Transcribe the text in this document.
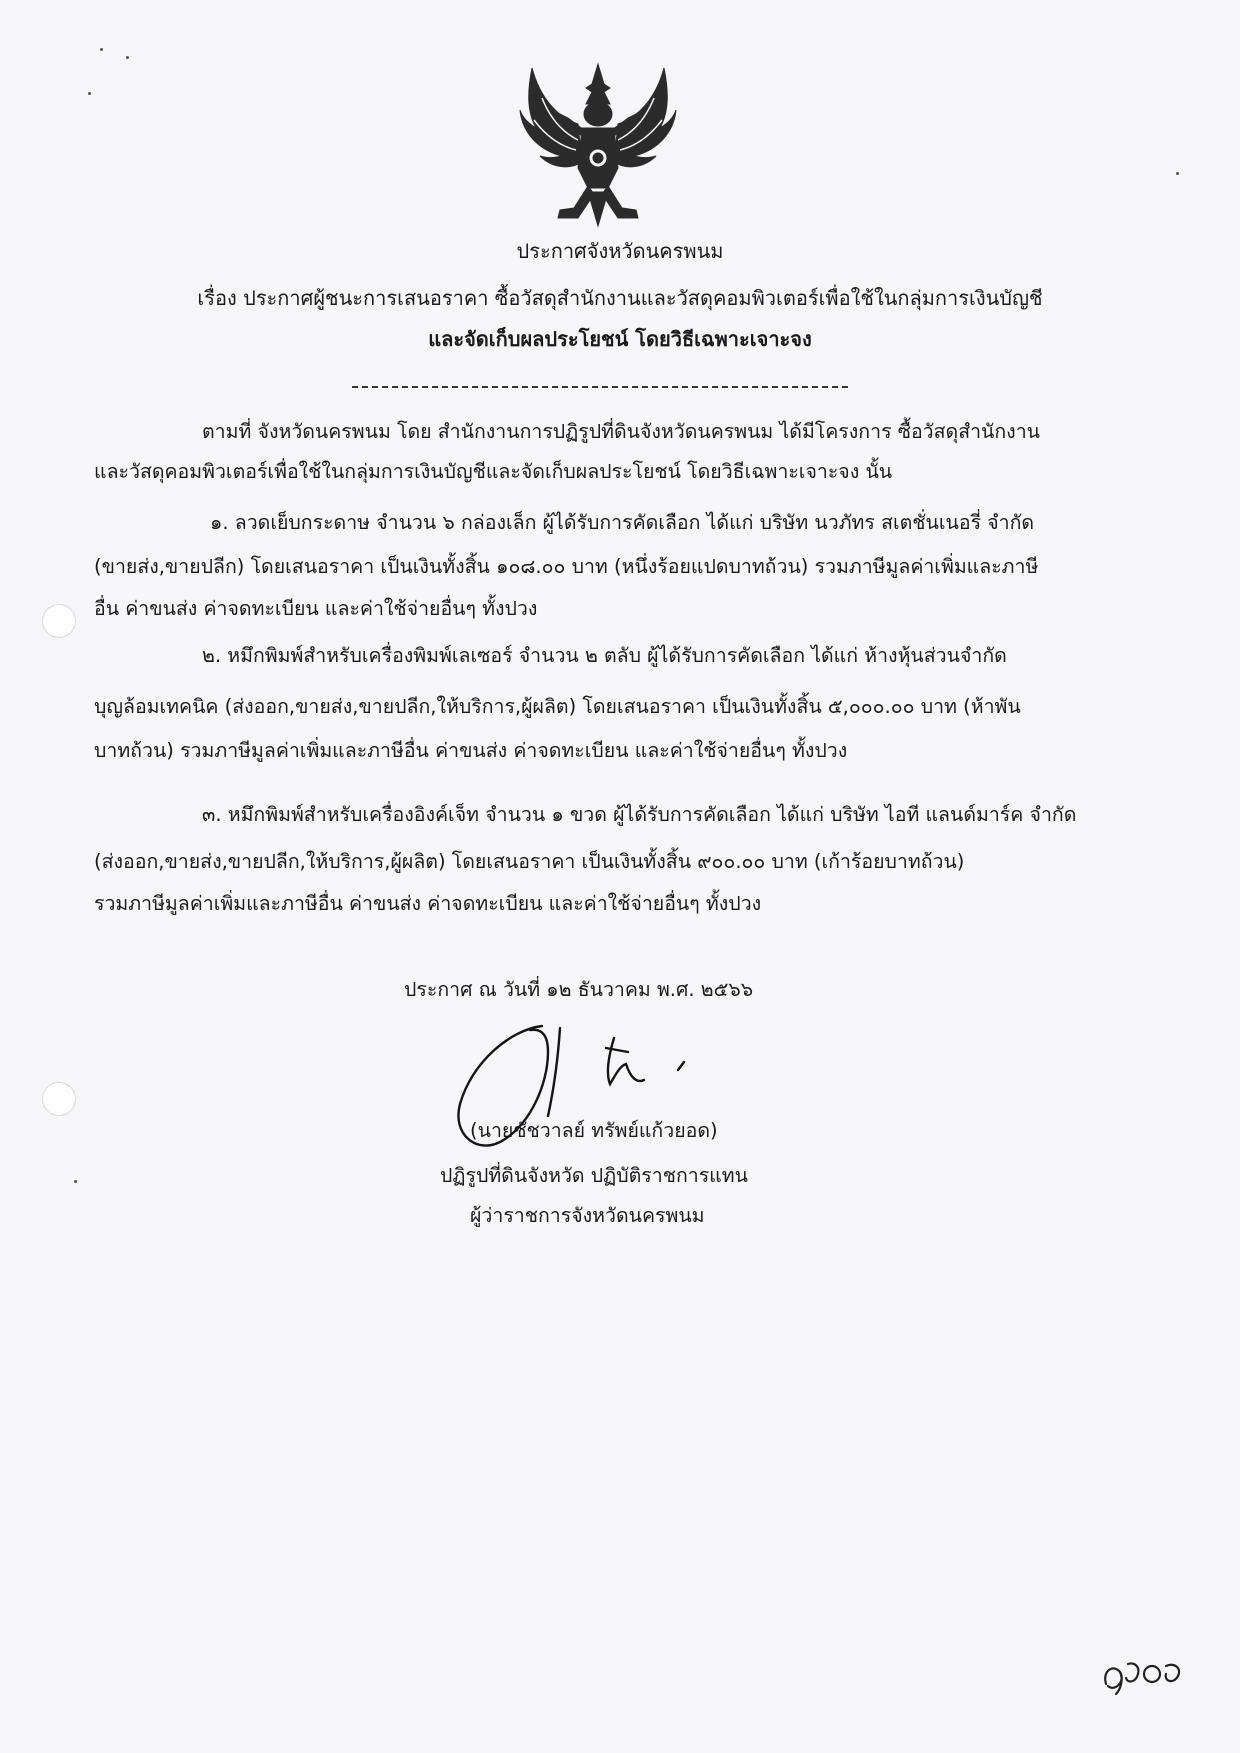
ประกาศจังหวัดนครพนม
เรื่อง ประกาศผู้ชนะการเสนอราคา ซื้อวัสดุสำนักงานและวัสดุคอมพิวเตอร์เพื่อใช้ในกลุ่มการเงินบัญชี
และจัดเก็บผลประโยชน์ โดยวิธีเฉพาะเจาะจง
ตามที่ จังหวัดนครพนม โดย สำนักงานการปฏิรูปที่ดินจังหวัดนครพนม ได้มีโครงการ ซื้อวัสดุสำนักงาน
และวัสดุคอมพิวเตอร์เพื่อใช้ในกลุ่มการเงินบัญชีและจัดเก็บผลประโยชน์ โดยวิธีเฉพาะเจาะจง นั้น
๑. ลวดเย็บกระดาษ จำนวน ๖ กล่องเล็ก ผู้ได้รับการคัดเลือก ได้แก่ บริษัท นวภัทร สเตชั่นเนอรี่ จำกัด
(ขายส่ง,ขายปลีก) โดยเสนอราคา เป็นเงินทั้งสิ้น ๑๐๘.๐๐ บาท (หนึ่งร้อยแปดบาทถ้วน) รวมภาษีมูลค่าเพิ่มและภาษี
อื่น ค่าขนส่ง ค่าจดทะเบียน และค่าใช้จ่ายอื่นๆ ทั้งปวง
๒. หมึกพิมพ์สำหรับเครื่องพิมพ์เลเซอร์ จำนวน ๒ ตลับ ผู้ได้รับการคัดเลือก ได้แก่ ห้างหุ้นส่วนจำกัด
บุญล้อมเทคนิค (ส่งออก,ขายส่ง,ขายปลีก,ให้บริการ,ผู้ผลิต) โดยเสนอราคา เป็นเงินทั้งสิ้น ๕,๐๐๐.๐๐ บาท (ห้าพัน
บาทถ้วน) รวมภาษีมูลค่าเพิ่มและภาษีอื่น ค่าขนส่ง ค่าจดทะเบียน และค่าใช้จ่ายอื่นๆ ทั้งปวง
๓. หมึกพิมพ์สำหรับเครื่องอิงค์เจ็ท จำนวน ๑ ขวด ผู้ได้รับการคัดเลือก ได้แก่ บริษัท ไอที แลนด์มาร์ค จำกัด
(ส่งออก,ขายส่ง,ขายปลีก,ให้บริการ,ผู้ผลิต) โดยเสนอราคา เป็นเงินทั้งสิ้น ๙๐๐.๐๐ บาท (เก้าร้อยบาทถ้วน)
รวมภาษีมูลค่าเพิ่มและภาษีอื่น ค่าขนส่ง ค่าจดทะเบียน และค่าใช้จ่ายอื่นๆ ทั้งปวง
ประกาศ ณ วันที่ ๑๒ ธันวาคม พ.ศ. ๒๕๖๖
(นายชัชวาลย์ ทรัพย์แก้วยอด)
ปฏิรูปที่ดินจังหวัด ปฏิบัติราชการแทน
ผู้ว่าราชการจังหวัดนครพนม
